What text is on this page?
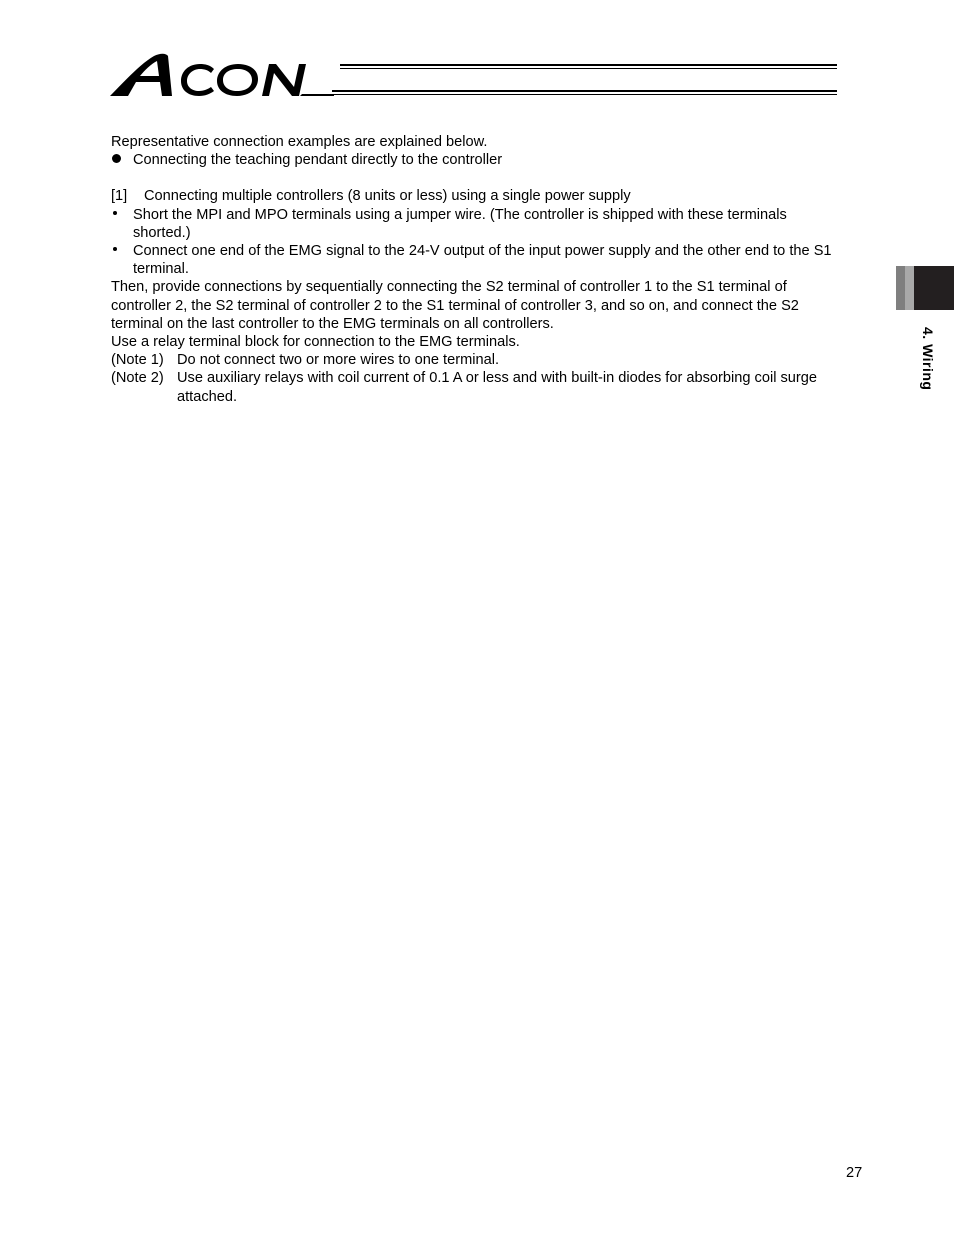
Representative connection examples are explained below.

Connecting the teaching pendant directly to the controller
[1]	Connecting multiple controllers (8 units or less) using a single power supply
Short the MPI and MPO terminals using a jumper wire. (The controller is shipped with these terminals shorted.)
Connect one end of the EMG signal to the 24-V output of the input power supply and the other end to the S1 terminal.

Then, provide connections by sequentially connecting the S2 terminal of controller 1 to the S1 terminal of controller 2, the S2 terminal of controller 2 to the S1 terminal of controller 3, and so on, and connect the S2 terminal on the last controller to the EMG terminals on all controllers.

Use a relay terminal block for connection to the EMG terminals.

(Note 1) Do not connect two or more wires to one terminal.
(Note 2) Use auxiliary relays with coil current of 0.1 A or less and with built-in diodes for absorbing coil surge attached.
4. Wiring
27
